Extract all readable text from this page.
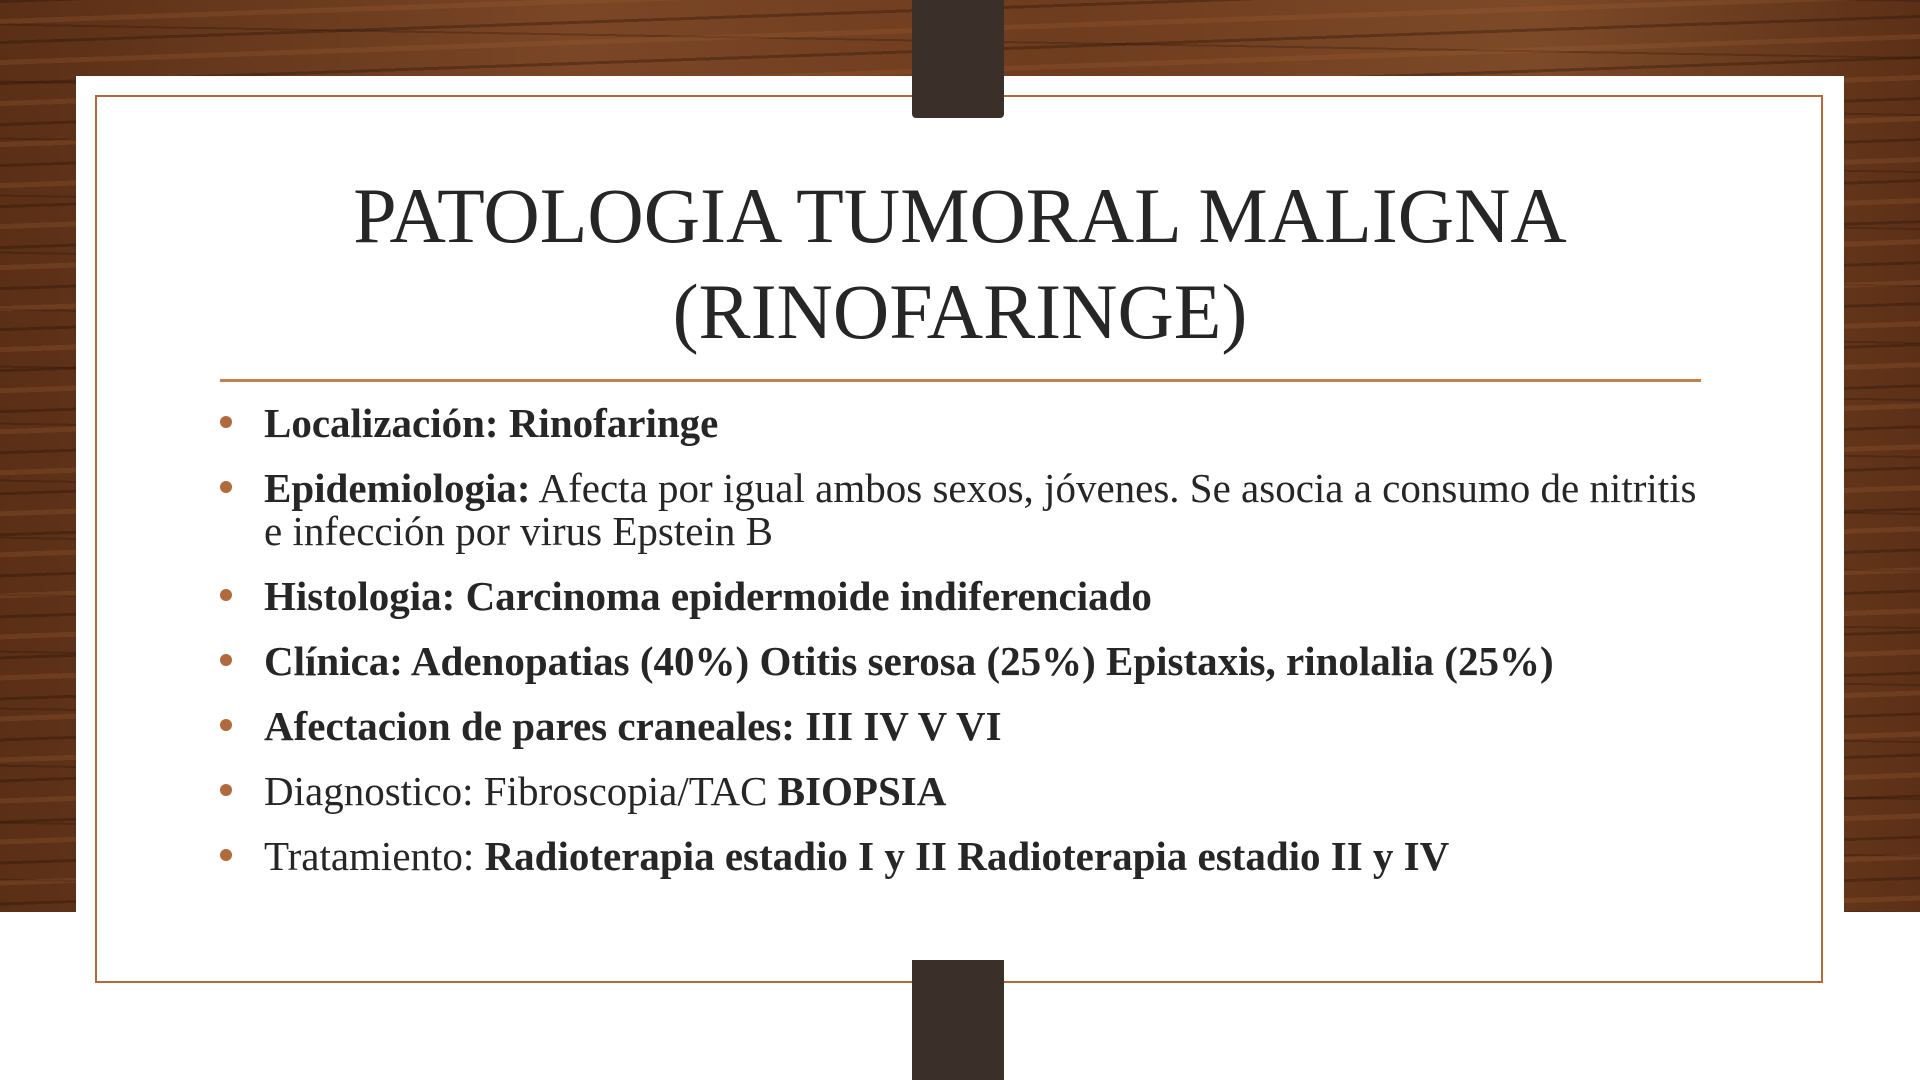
PATOLOGIA TUMORAL MALIGNA
(RINOFARINGE)
Localización: Rinofaringe
Epidemiologia: Afecta por igual ambos sexos, jóvenes. Se asocia a consumo de nitritis e infección por virus Epstein B
Histologia: Carcinoma epidermoide indiferenciado
Clínica: Adenopatias (40%) Otitis serosa (25%) Epistaxis, rinolalia (25%)
Afectacion de pares craneales: III IV V VI
Diagnostico: Fibroscopia/TAC BIOPSIA
Tratamiento: Radioterapia estadio I y II Radioterapia estadio II y IV
